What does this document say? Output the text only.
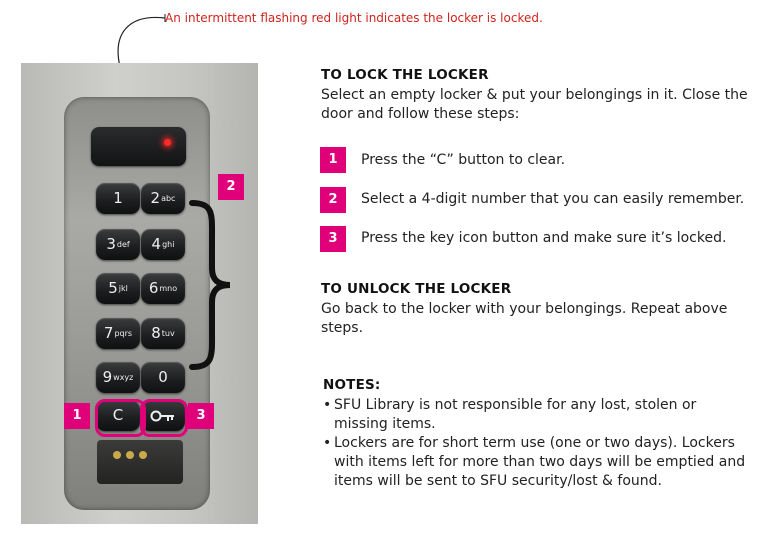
An intermittent flashing red light indicates the locker is locked.
1	2abc
3def	4ghi
5jkl	6mno
7pqrs	8tuv
9wxyz	0
C
1	3
2
TO LOCK THE LOCKER
Select an empty locker & put your belongings in it. Close the door and follow these steps:
1	Press the “C” button to clear.
2	Select a 4-digit number that you can easily remember.
3	Press the key icon button and make sure it’s locked.
TO UNLOCK THE LOCKER
Go back to the locker with your belongings. Repeat above steps.
NOTES:
• SFU Library is not responsible for any lost, stolen or missing items.
• Lockers are for short term use (one or two days). Lockers with items left for more than two days will be emptied and items will be sent to SFU security/lost & found.
